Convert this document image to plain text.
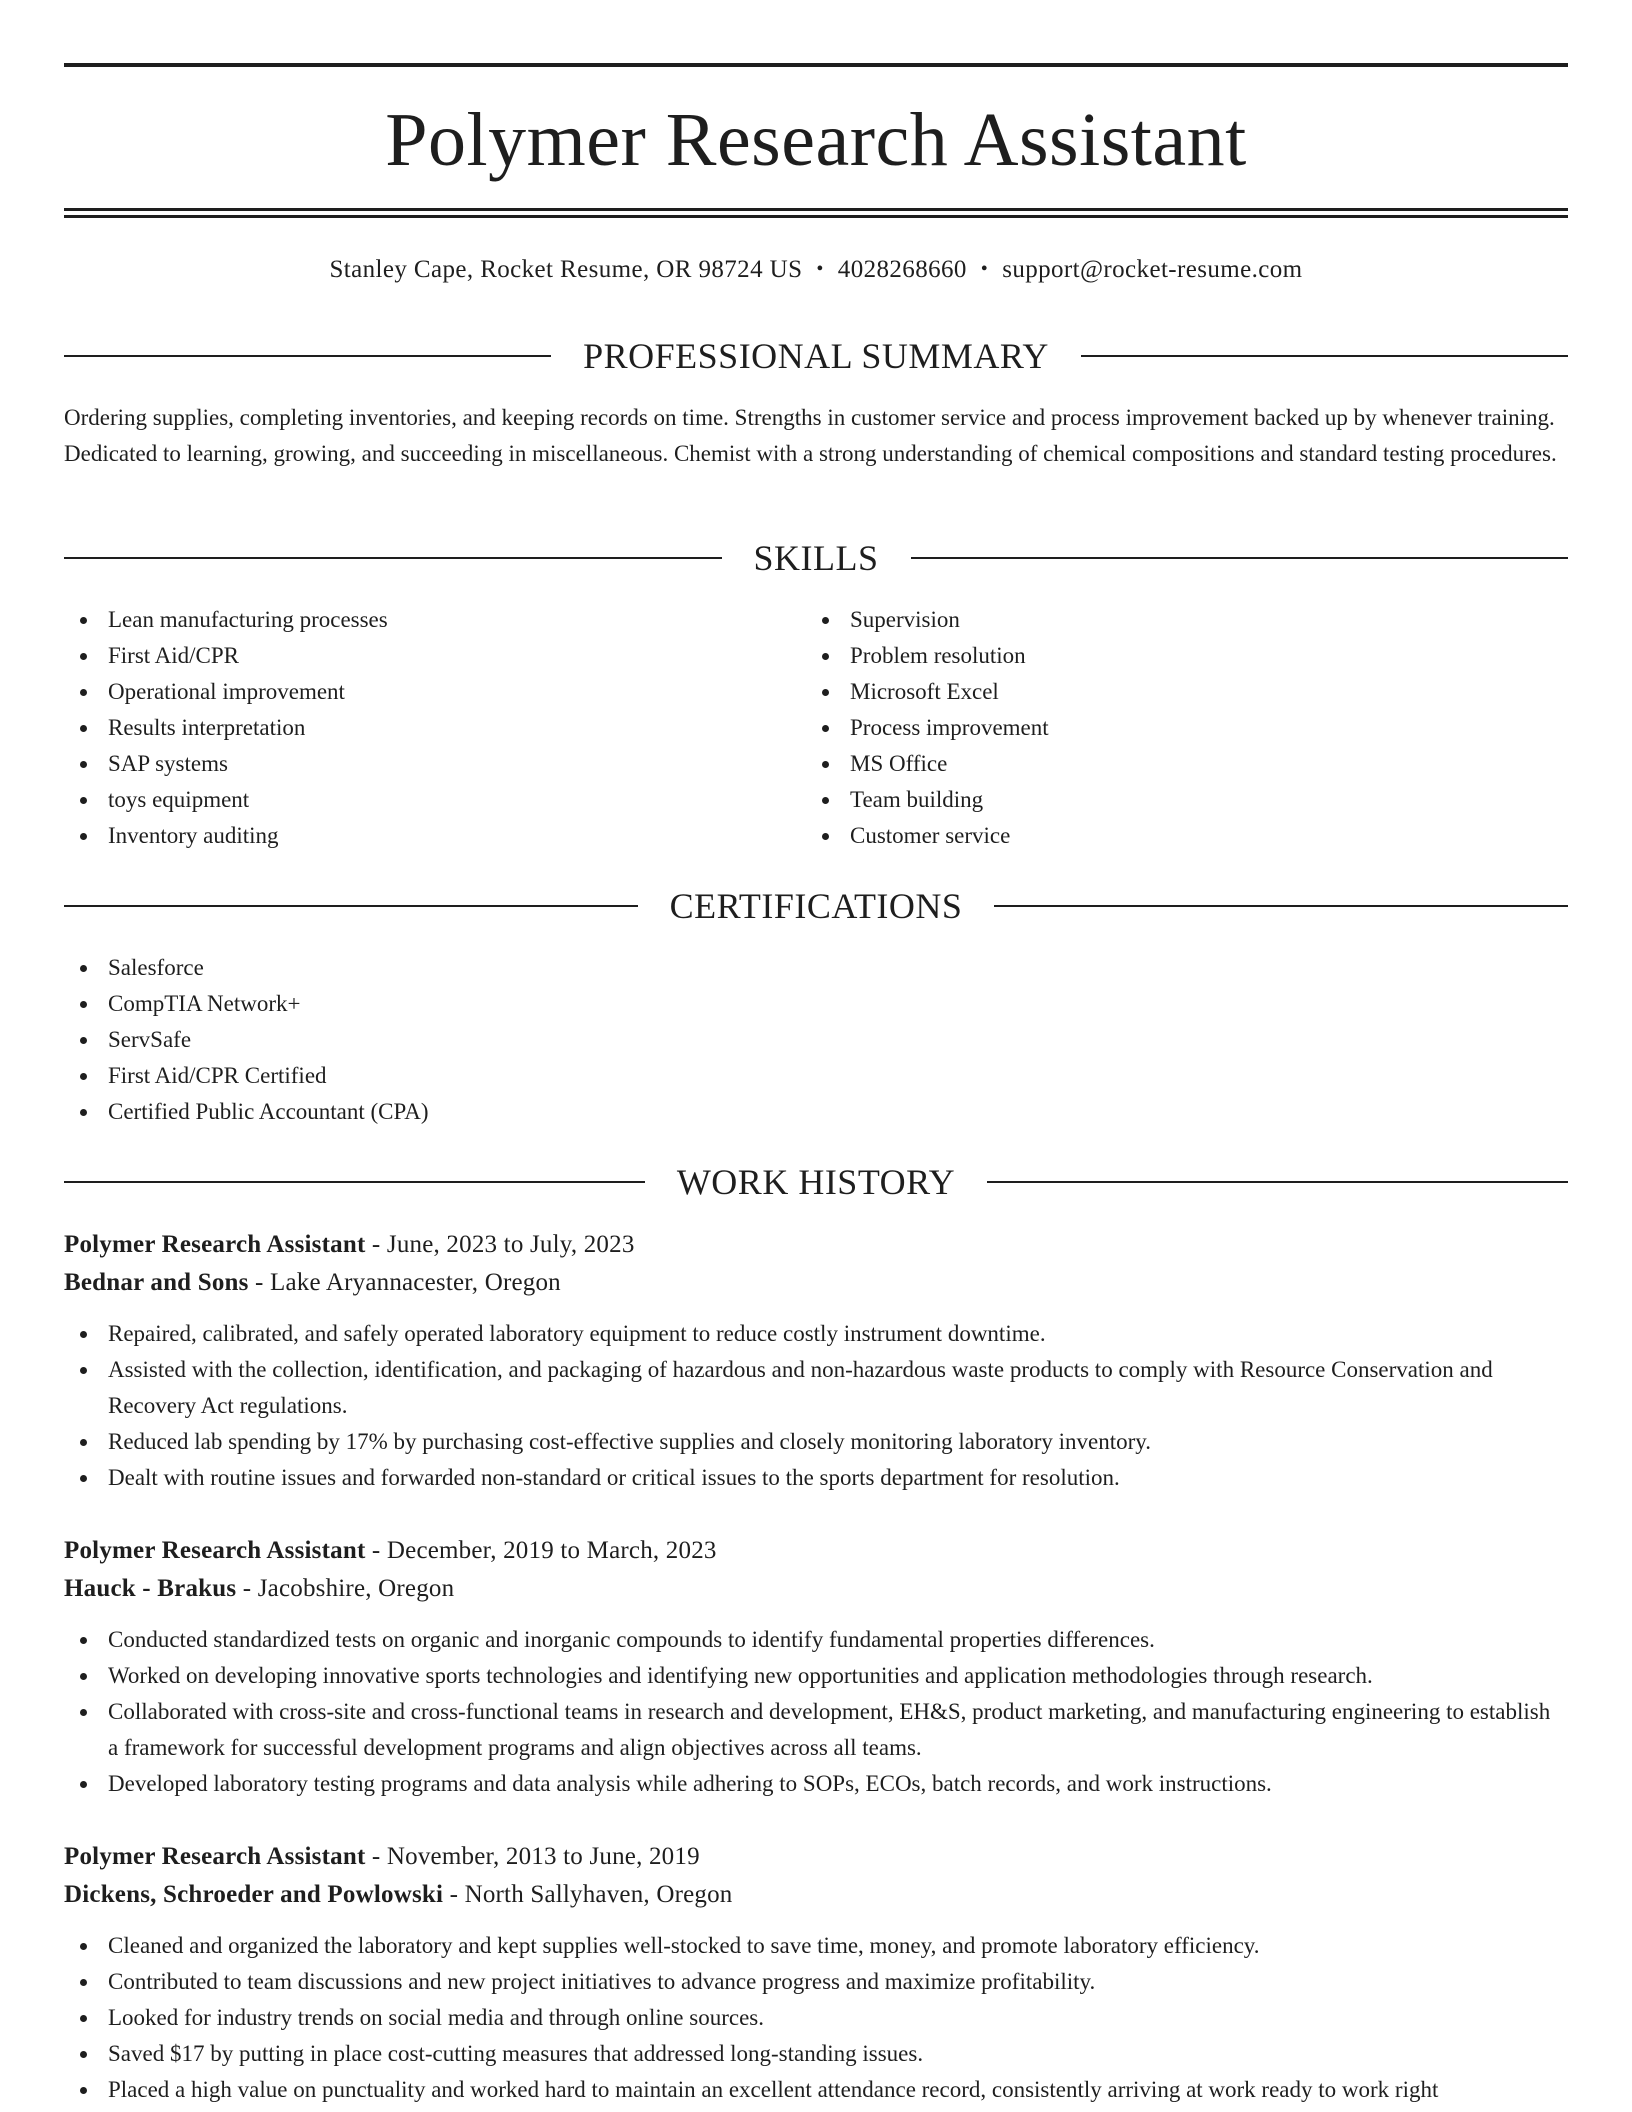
Polymer Research Assistant
Stanley Cape, Rocket Resume, OR 98724 US • 4028268660 • support@rocket-resume.com
PROFESSIONAL SUMMARY

Ordering supplies, completing inventories, and keeping records on time. Strengths in customer service and process improvement backed up by whenever training. Dedicated to learning, growing, and succeeding in miscellaneous. Chemist with a strong understanding of chemical compositions and standard testing procedures.

SKILLS
Lean manufacturing processes
First Aid/CPR
Operational improvement
Results interpretation
SAP systems
toys equipment
Inventory auditing
Supervision
Problem resolution
Microsoft Excel
Process improvement
MS Office
Team building
Customer service
CERTIFICATIONS
Salesforce
CompTIA Network+
ServSafe
First Aid/CPR Certified
Certified Public Accountant (CPA)
WORK HISTORY
Polymer Research Assistant - June, 2023 to July, 2023
Bednar and Sons - Lake Aryannacester, Oregon
Repaired, calibrated, and safely operated laboratory equipment to reduce costly instrument downtime.
Assisted with the collection, identification, and packaging of hazardous and non-hazardous waste products to comply with Resource Conservation and Recovery Act regulations.
Reduced lab spending by 17% by purchasing cost-effective supplies and closely monitoring laboratory inventory.
Dealt with routine issues and forwarded non-standard or critical issues to the sports department for resolution.
Polymer Research Assistant - December, 2019 to March, 2023
Hauck - Brakus - Jacobshire, Oregon
Conducted standardized tests on organic and inorganic compounds to identify fundamental properties differences.
Worked on developing innovative sports technologies and identifying new opportunities and application methodologies through research.
Collaborated with cross-site and cross-functional teams in research and development, EH&S, product marketing, and manufacturing engineering to establish a framework for successful development programs and align objectives across all teams.
Developed laboratory testing programs and data analysis while adhering to SOPs, ECOs, batch records, and work instructions.
Polymer Research Assistant - November, 2013 to June, 2019
Dickens, Schroeder and Powlowski - North Sallyhaven, Oregon
Cleaned and organized the laboratory and kept supplies well-stocked to save time, money, and promote laboratory efficiency.
Contributed to team discussions and new project initiatives to advance progress and maximize profitability.
Looked for industry trends on social media and through online sources.
Saved $17 by putting in place cost-cutting measures that addressed long-standing issues.
Placed a high value on punctuality and worked hard to maintain an excellent attendance record, consistently arriving at work ready to work right
